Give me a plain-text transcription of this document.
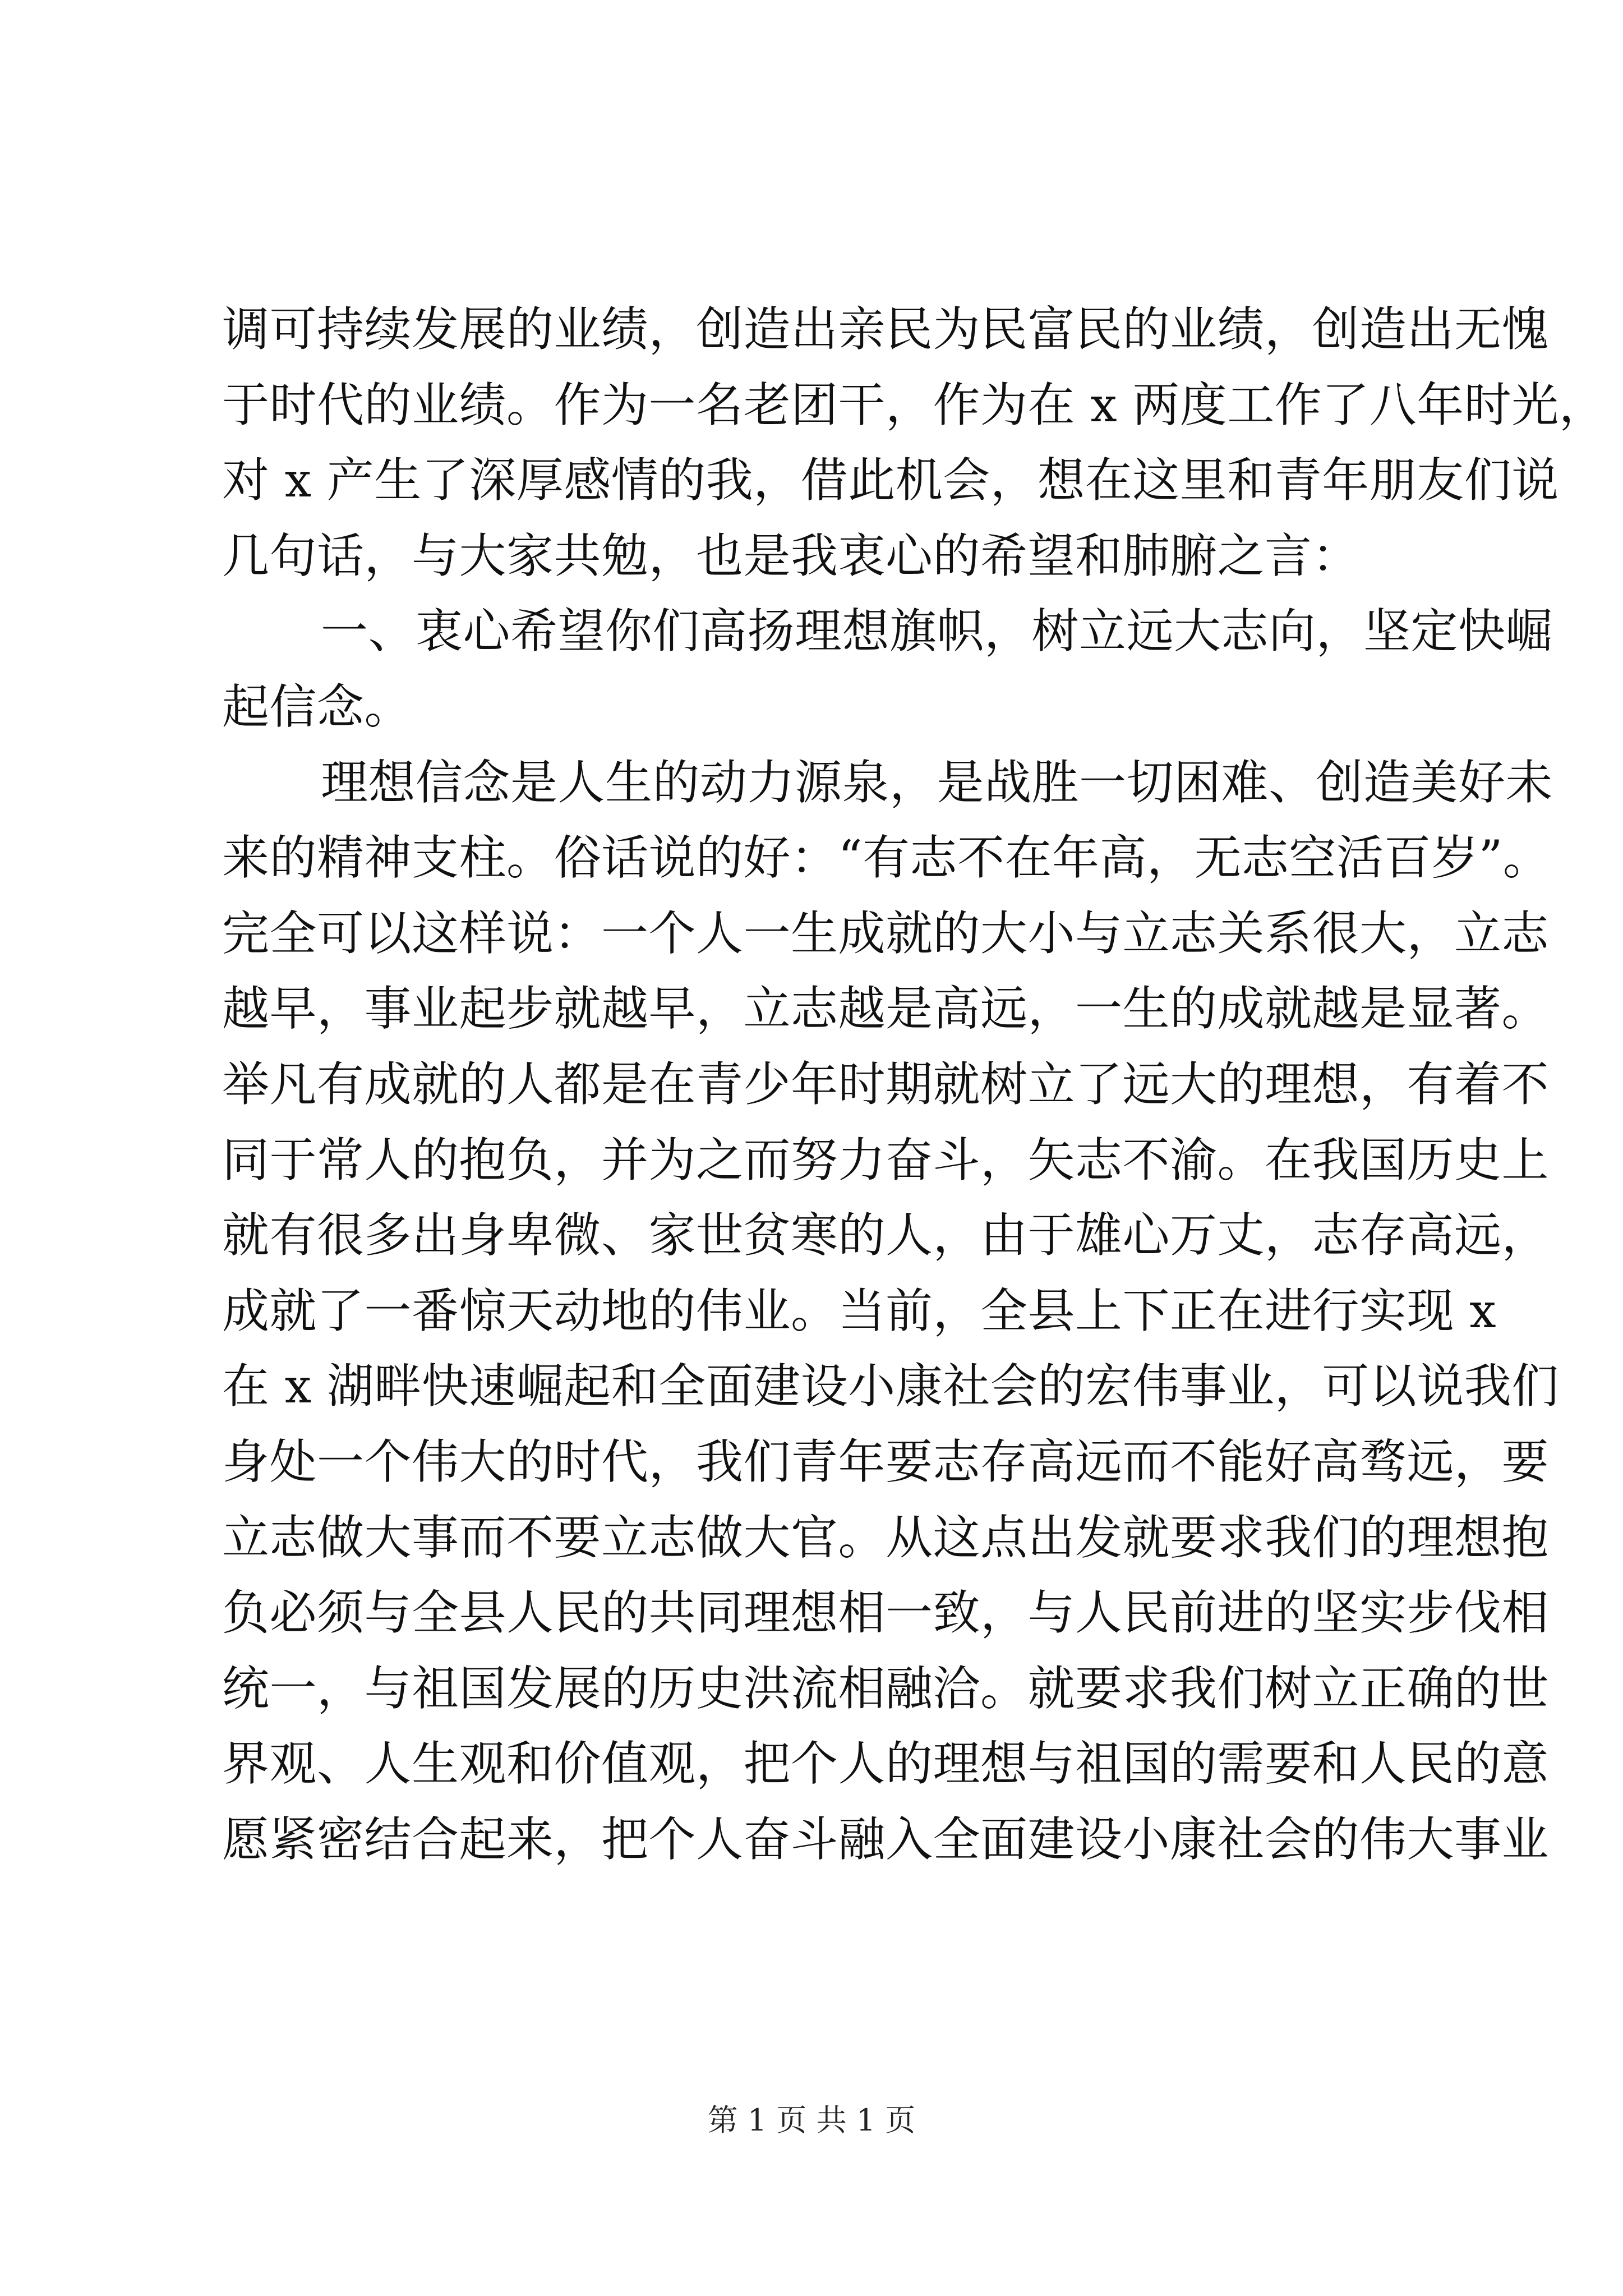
调可持续发展的业绩，创造出亲民为民富民的业绩，创造出无愧
于时代的业绩。作为一名老团干，作为在 x 两度工作了八年时光，
对 x 产生了深厚感情的我，借此机会，想在这里和青年朋友们说
几句话，与大家共勉，也是我衷心的希望和肺腑之言：
一、衷心希望你们高扬理想旗帜，树立远大志向，坚定快崛
起信念。
理想信念是人生的动力源泉，是战胜一切困难、创造美好未
来的精神支柱。俗话说的好：“有志不在年高，无志空活百岁”。
完全可以这样说：一个人一生成就的大小与立志关系很大，立志
越早，事业起步就越早，立志越是高远，一生的成就越是显著。
举凡有成就的人都是在青少年时期就树立了远大的理想，有着不
同于常人的抱负，并为之而努力奋斗，矢志不渝。在我国历史上
就有很多出身卑微、家世贫寒的人，由于雄心万丈，志存高远，
成就了一番惊天动地的伟业。当前，全县上下正在进行实现 x
在 x 湖畔快速崛起和全面建设小康社会的宏伟事业，可以说我们
身处一个伟大的时代，我们青年要志存高远而不能好高骛远，要
立志做大事而不要立志做大官。从这点出发就要求我们的理想抱
负必须与全县人民的共同理想相一致，与人民前进的坚实步伐相
统一，与祖国发展的历史洪流相融洽。就要求我们树立正确的世
界观、人生观和价值观，把个人的理想与祖国的需要和人民的意
愿紧密结合起来，把个人奋斗融入全面建设小康社会的伟大事业
第 1 页 共 1 页
